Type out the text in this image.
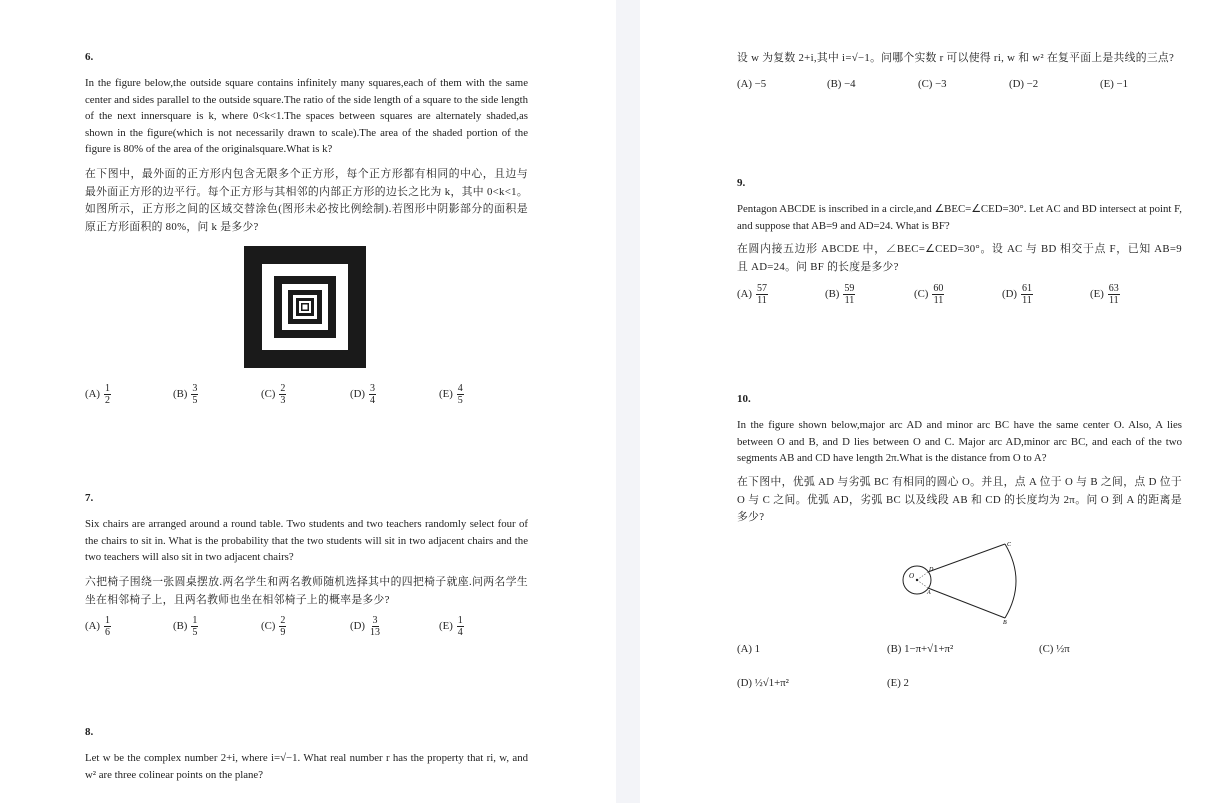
6.
In the figure below,the outside square contains infinitely many squares,each of them with the same center and sides parallel to the outside square.The ratio of the side length of a square to the side length of the next innersquare is k, where 0<k<1.The spaces between squares are alternately shaded,as shown in the figure(which is not necessarily drawn to scale).The area of the shaded portion of the figure is 80% of the area of the originalsquare.What is k?
在下图中，最外面的正方形内包含无限多个正方形，每个正方形都有相同的中心，且边与最外面正方形的边平行。每个正方形与其相邻的内部正方形的边长之比为 k，其中 0<k<1。如图所示，正方形之间的区域交替涂色(图形未必按比例绘制).若图形中阴影部分的面积是原正方形面积的 80%，问 k 是多少?
$(A) \frac{1}{2}$	$(B) \frac{3}{5}$	$(C) \frac{2}{3}$	$(D) \frac{3}{4}$	$(E) \frac{4}{5}$
7.
Six chairs are arranged around a round table. Two students and two teachers randomly select four of the chairs to sit in. What is the probability that the two students will sit in two adjacent chairs and the two teachers will also sit in two adjacent chairs?
六把椅子围绕一张圆桌摆放.两名学生和两名教师随机选择其中的四把椅子就座.问两名学生坐在相邻椅子上，且两名教师也坐在相邻椅子上的概率是多少?
$(A) \frac{1}{6}$	$(B) \frac{1}{5}$	$(C) \frac{2}{9}$	$(D) \frac{3}{13}$	$(E) \frac{1}{4}$
8.
Let w be the complex number 2+i, where i=√−1. What real number r has the property that ri, w, and w² are three colinear points on the plane?
设 w 为复数 2+i,其中 i=√−1。问哪个实数 r 可以使得 ri, w 和 w² 在复平面上是共线的三点?
(A) −5	(B) −4	(C) −3	(D) −2	(E) −1
9.
Pentagon ABCDE is inscribed in a circle,and ∠BEC=∠CED=30°. Let AC and BD intersect at point F, and suppose that AB=9 and AD=24. What is BF?
在圆内接五边形 ABCDE 中，∠BEC=∠CED=30°。设 AC 与 BD 相交于点 F，已知 AB=9 且 AD=24。问 BF 的长度是多少?
$(A) \frac{57}{11}$	$(B) \frac{59}{11}$	$(C) \frac{60}{11}$	$(D) \frac{61}{11}$	$(E) \frac{63}{11}$
10.
In the figure shown below,major arc AD and minor arc BC have the same center O. Also, A lies between O and B, and D lies between O and C. Major arc AD,minor arc BC, and each of the two segments AB and CD have length 2π.What is the distance from O to A?
在下图中，优弧 AD 与劣弧 BC 有相同的圆心 O。并且，点 A 位于 O 与 B 之间，点 D 位于 O 与 C 之间。优弧 AD，劣弧 BC 以及线段 AB 和 CD 的长度均为 2π。问 O 到 A 的距离是多少?
O
D
A
C
B
(A) 1	(B) 1−π+√1+π²	(C) ½π
(D) ½√1+π²	(E) 2
